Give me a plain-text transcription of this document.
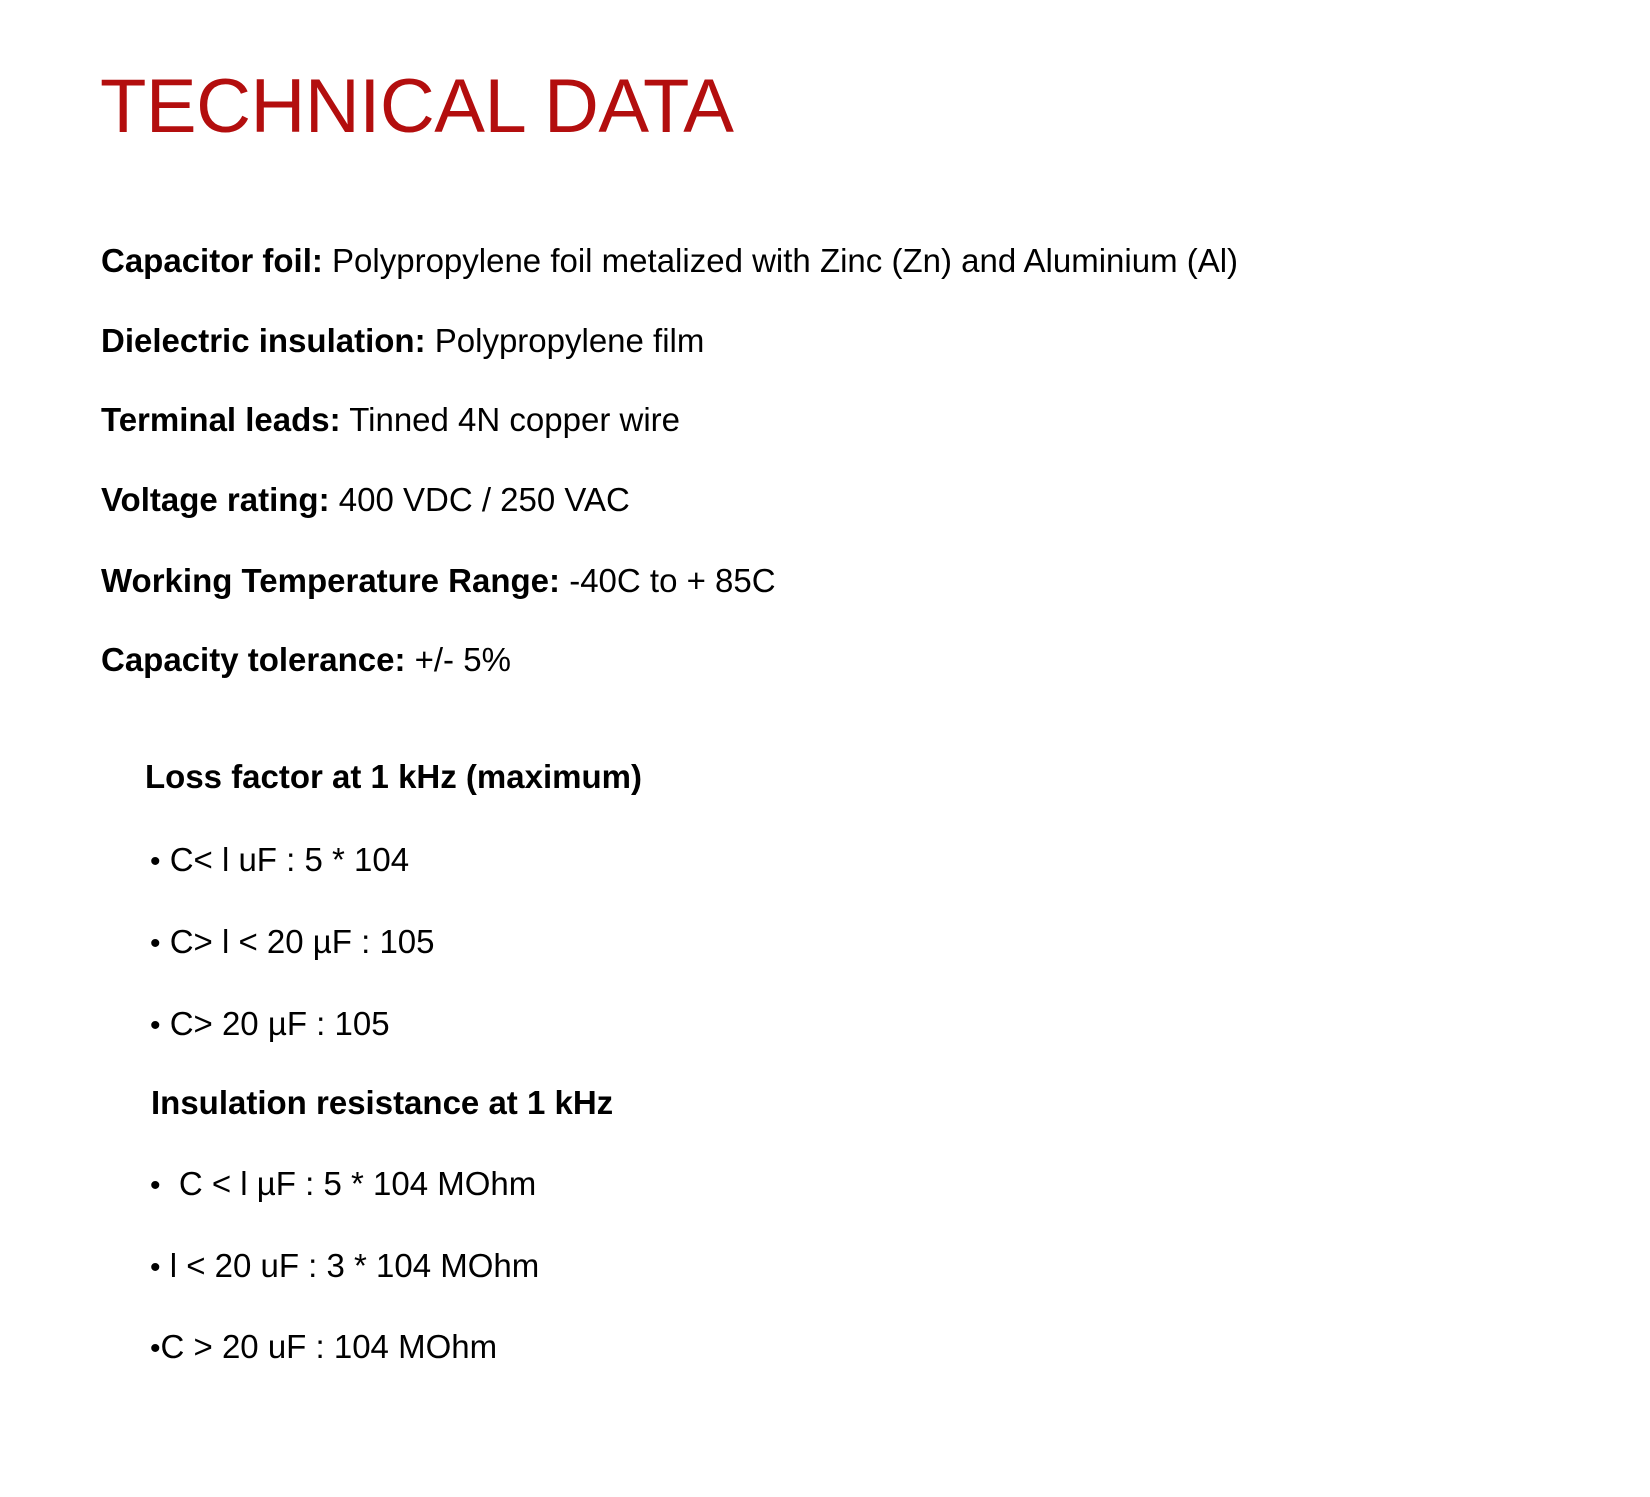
TECHNICAL DATA

Capacitor foil: Polypropylene foil metalized with Zinc (Zn) and Aluminium (Al)

Dielectric insulation: Polypropylene film

Terminal leads: Tinned 4N copper wire

Voltage rating: 400 VDC / 250 VAC

Working Temperature Range: -40C to + 85C

Capacity tolerance: +/- 5%

Loss factor at 1 kHz (maximum)

• C< l uF : 5 * 104

• C> l < 20 µF : 105

• C> 20 µF : 105

Insulation resistance at 1 kHz

•  C < l µF : 5 * 104 MOhm

• l < 20 uF : 3 * 104 MOhm

•C > 20 uF : 104 MOhm
